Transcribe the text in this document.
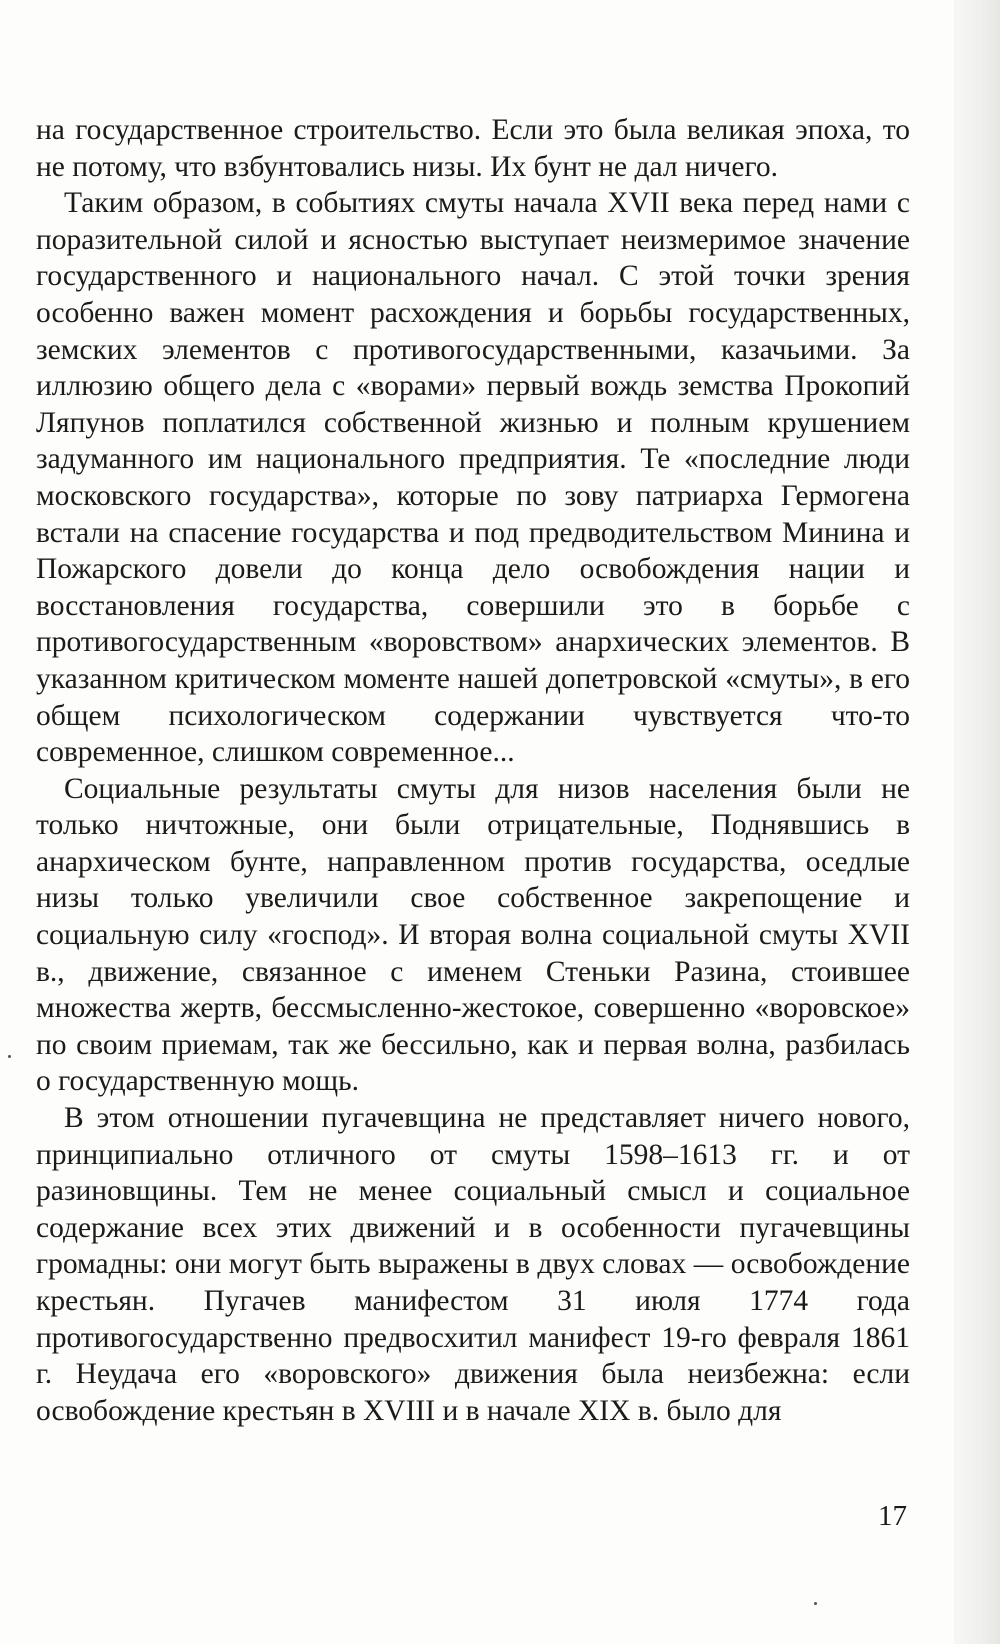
на государственное строительство. Если это была великая эпоха, то не потому, что взбунтовались низы. Их бунт не дал ничего.

Таким образом, в событиях смуты начала XVII века перед нами с поразительной силой и ясностью выступает неизмеримое значение государственного и национального начал. С этой точки зрения особенно важен момент расхождения и борьбы государственных, земских элементов с противогосударственными, казачьими. За иллюзию общего дела с «ворами» первый вождь земства Прокопий Ляпунов поплатился собственной жизнью и полным крушением задуманного им национального предприятия. Те «последние люди московского государства», которые по зову патриарха Гермогена встали на спасение государства и под предводительством Минина и Пожарского довели до конца дело освобождения нации и восстановления государства, совершили это в борьбе с противогосударственным «воровством» анархических элементов. В указанном критическом моменте нашей допетровской «смуты», в его общем психологическом содержании чувствуется что-то современное, слишком современное...

Социальные результаты смуты для низов населения были не только ничтожные, они были отрицательные, Поднявшись в анархическом бунте, направленном против государства, оседлые низы только увеличили свое собственное закрепощение и социальную силу «господ». И вторая волна социальной смуты XVII в., движение, связанное с именем Стеньки Разина, стоившее множества жертв, бессмысленно-жестокое, совершенно «воровское» по своим приемам, так же бессильно, как и первая волна, разбилась о государственную мощь.

В этом отношении пугачевщина не представляет ничего нового, принципиально отличного от смуты 1598–1613 гг. и от разиновщины. Тем не менее социальный смысл и социальное содержание всех этих движений и в особенности пугачевщины громадны: они могут быть выражены в двух словах — освобождение крестьян. Пугачев манифестом 31 июля 1774 года противогосударственно предвосхитил манифест 19-го февраля 1861 г. Неудача его «воровского» движения была неизбежна: если освобождение крестьян в XVIII и в начале XIX в. было для

17
